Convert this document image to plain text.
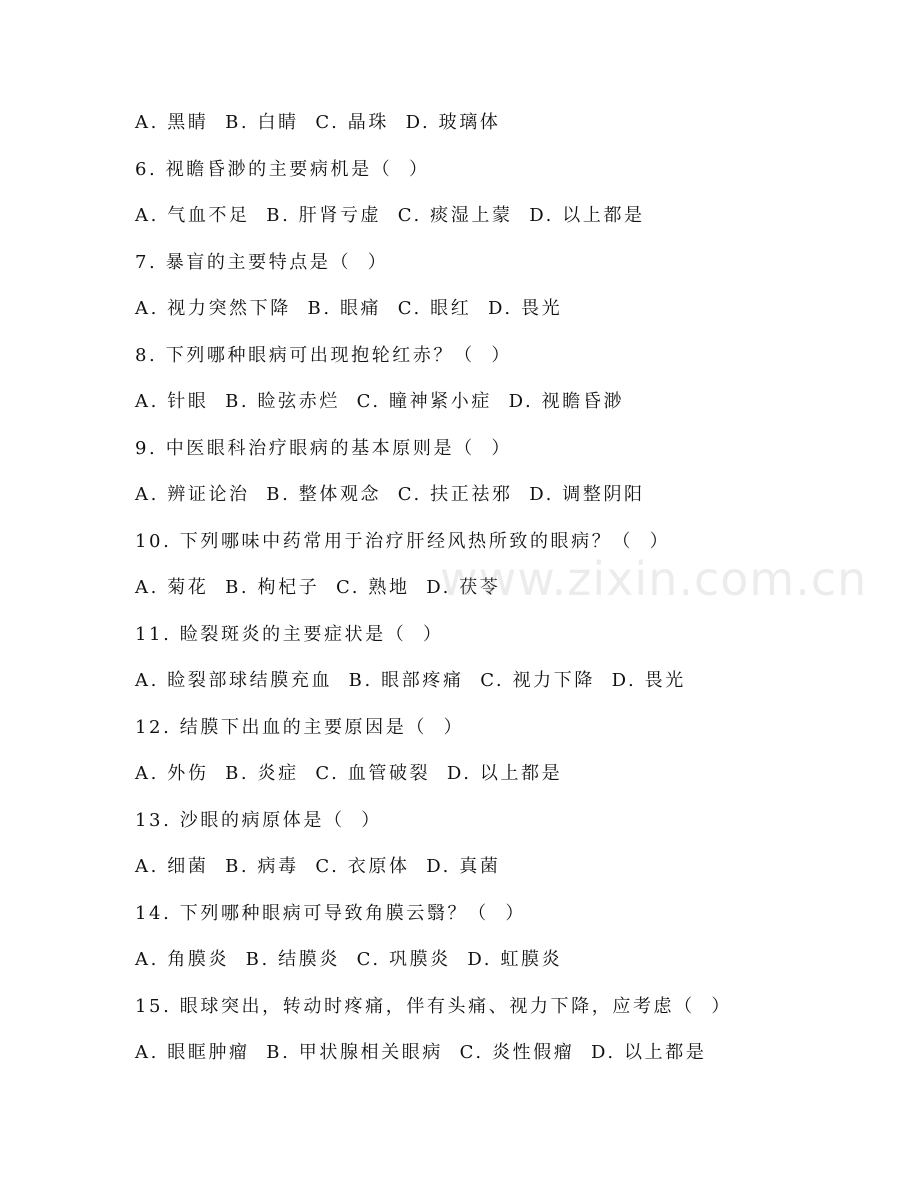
A. 黑睛  B. 白睛  C. 晶珠  D. 玻璃体
6. 视瞻昏渺的主要病机是（  ）
A. 气血不足  B. 肝肾亏虚  C. 痰湿上蒙  D. 以上都是
7. 暴盲的主要特点是（  ）
A. 视力突然下降  B. 眼痛  C. 眼红  D. 畏光
8. 下列哪种眼病可出现抱轮红赤？（  ）
A. 针眼  B. 睑弦赤烂  C. 瞳神紧小症  D. 视瞻昏渺
9. 中医眼科治疗眼病的基本原则是（  ）
A. 辨证论治  B. 整体观念  C. 扶正祛邪  D. 调整阴阳
10. 下列哪味中药常用于治疗肝经风热所致的眼病？（  ）
A. 菊花  B. 枸杞子  C. 熟地  D. 茯苓
11. 睑裂斑炎的主要症状是（  ）
A. 睑裂部球结膜充血  B. 眼部疼痛  C. 视力下降  D. 畏光
12. 结膜下出血的主要原因是（  ）
A. 外伤  B. 炎症  C. 血管破裂  D. 以上都是
13. 沙眼的病原体是（  ）
A. 细菌  B. 病毒  C. 衣原体  D. 真菌
14. 下列哪种眼病可导致角膜云翳？（  ）
A. 角膜炎  B. 结膜炎  C. 巩膜炎  D. 虹膜炎
15. 眼球突出，转动时疼痛，伴有头痛、视力下降，应考虑（  ）
A. 眼眶肿瘤  B. 甲状腺相关眼病  C. 炎性假瘤  D. 以上都是
www.zixin.com.cn
